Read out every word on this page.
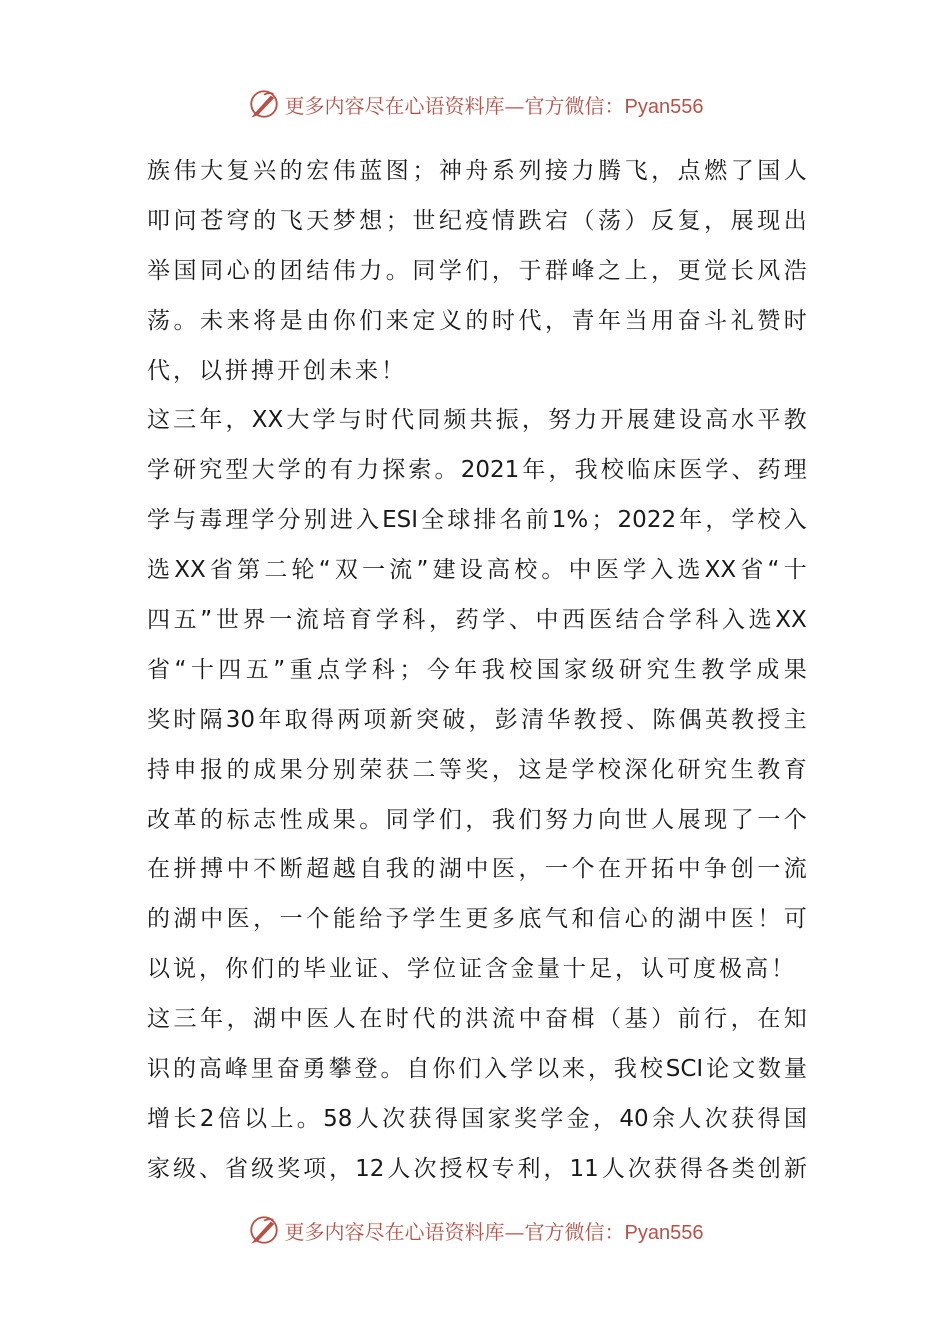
更多内容尽在心语资料库—官方微信：Pyan556
族 伟 大 复 兴 的 宏 伟 蓝 图 ； 神 舟 系 列 接 力 腾 飞 ， 点 燃 了 国 人
叩 问 苍 穹 的 飞 天 梦 想 ； 世 纪 疫 情 跌 宕 （ 荡 ） 反 复 ， 展 现 出
举 国 同 心 的 团 结 伟 力 。 同 学 们 ， 于 群 峰 之 上 ， 更 觉 长 风 浩
荡 。 未 来 将 是 由 你 们 来 定 义 的 时 代 ， 青 年 当 用 奋 斗 礼 赞 时
代，以拼搏开创未来！
这 三 年 ， XX 大 学 与 时 代 同 频 共 振 ， 努 力 开 展 建 设 高 水 平 教
学 研 究 型 大 学 的 有 力 探 索 。 2021 年 ， 我 校 临 床 医 学 、 药 理
学 与 毒 理 学 分 别 进 入 ESI 全 球 排 名 前 1% ； 2022 年 ， 学 校 入
选 XX 省 第 二 轮 “ 双 一 流 ” 建 设 高 校 。 中 医 学 入 选 XX 省 “ 十
四 五 ” 世 界 一 流 培 育 学 科 ， 药 学 、 中 西 医 结 合 学 科 入 选 XX
省 “ 十 四 五 ” 重 点 学 科 ； 今 年 我 校 国 家 级 研 究 生 教 学 成 果
奖 时 隔 30 年 取 得 两 项 新 突 破 ， 彭 清 华 教 授 、 陈 偶 英 教 授 主
持 申 报 的 成 果 分 别 荣 获 二 等 奖 ， 这 是 学 校 深 化 研 究 生 教 育
改 革 的 标 志 性 成 果 。 同 学 们 ， 我 们 努 力 向 世 人 展 现 了 一 个
在 拼 搏 中 不 断 超 越 自 我 的 湖 中 医 ， 一 个 在 开 拓 中 争 创 一 流
的 湖 中 医 ， 一 个 能 给 予 学 生 更 多 底 气 和 信 心 的 湖 中 医 ！ 可
以说，你们的毕业证、学位证含金量十足，认可度极高！
这 三 年 ， 湖 中 医 人 在 时 代 的 洪 流 中 奋 楫 （ 基 ） 前 行 ， 在 知
识 的 高 峰 里 奋 勇 攀 登 。 自 你 们 入 学 以 来 ， 我 校 SCI 论 文 数 量
增 长 2 倍 以 上 。 58 人 次 获 得 国 家 奖 学 金 ， 40 余 人 次 获 得 国
家 级 、 省 级 奖 项 ， 12 人 次 授 权 专 利 ， 11 人 次 获 得 各 类 创 新
更多内容尽在心语资料库—官方微信：Pyan556
